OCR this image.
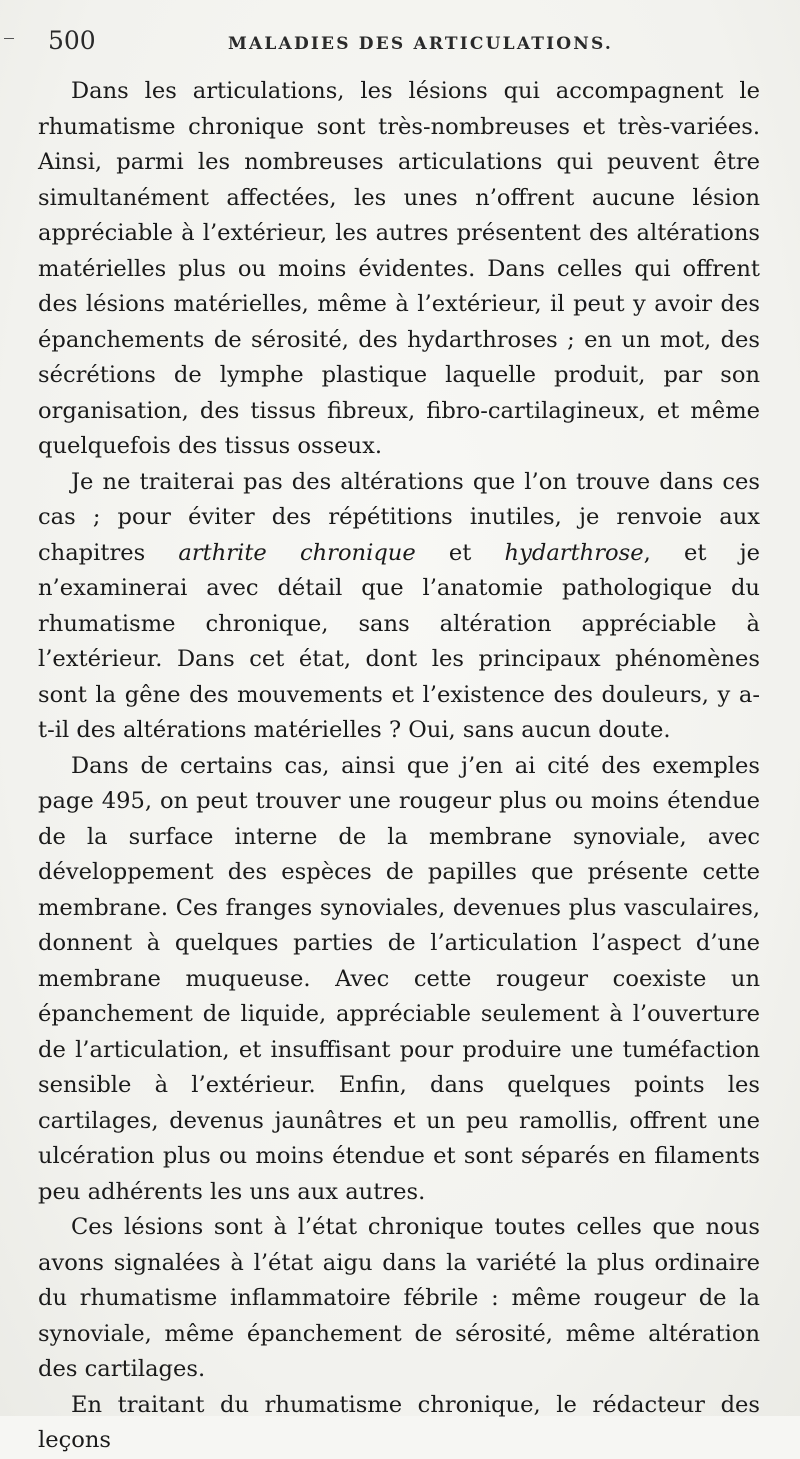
500	MALADIES DES ARTICULATIONS.

Dans les articulations, les lésions qui accompagnent le rhumatisme chronique sont très-nombreuses et très-variées. Ainsi, parmi les nombreuses articulations qui peuvent être simultanément affectées, les unes n’offrent aucune lésion appréciable à l’extérieur, les autres présentent des altérations matérielles plus ou moins évidentes. Dans celles qui offrent des lésions matérielles, même à l’extérieur, il peut y avoir des épanchements de sérosité, des hydarthroses ; en un mot, des sécrétions de lymphe plastique laquelle produit, par son organisation, des tissus fibreux, fibro-cartilagineux, et même quelquefois des tissus osseux.

Je ne traiterai pas des altérations que l’on trouve dans ces cas ; pour éviter des répétitions inutiles, je renvoie aux chapitres arthrite chronique et hydarthrose, et je n’examinerai avec détail que l’anatomie pathologique du rhumatisme chronique, sans altération appréciable à l’extérieur. Dans cet état, dont les principaux phénomènes sont la gêne des mouvements et l’existence des douleurs, y a-t-il des altérations matérielles ? Oui, sans aucun doute.

Dans de certains cas, ainsi que j’en ai cité des exemples page 495, on peut trouver une rougeur plus ou moins étendue de la surface interne de la membrane synoviale, avec développement des espèces de papilles que présente cette membrane. Ces franges synoviales, devenues plus vasculaires, donnent à quelques parties de l’articulation l’aspect d’une membrane muqueuse. Avec cette rougeur coexiste un épanchement de liquide, appréciable seulement à l’ouverture de l’articulation, et insuffisant pour produire une tuméfaction sensible à l’extérieur. Enfin, dans quelques points les cartilages, devenus jaunâtres et un peu ramollis, offrent une ulcération plus ou moins étendue et sont séparés en filaments peu adhérents les uns aux autres.

Ces lésions sont à l’état chronique toutes celles que nous avons signalées à l’état aigu dans la variété la plus ordinaire du rhumatisme inflammatoire fébrile : même rougeur de la synoviale, même épanchement de sérosité, même altération des cartilages.

En traitant du rhumatisme chronique, le rédacteur des leçons
